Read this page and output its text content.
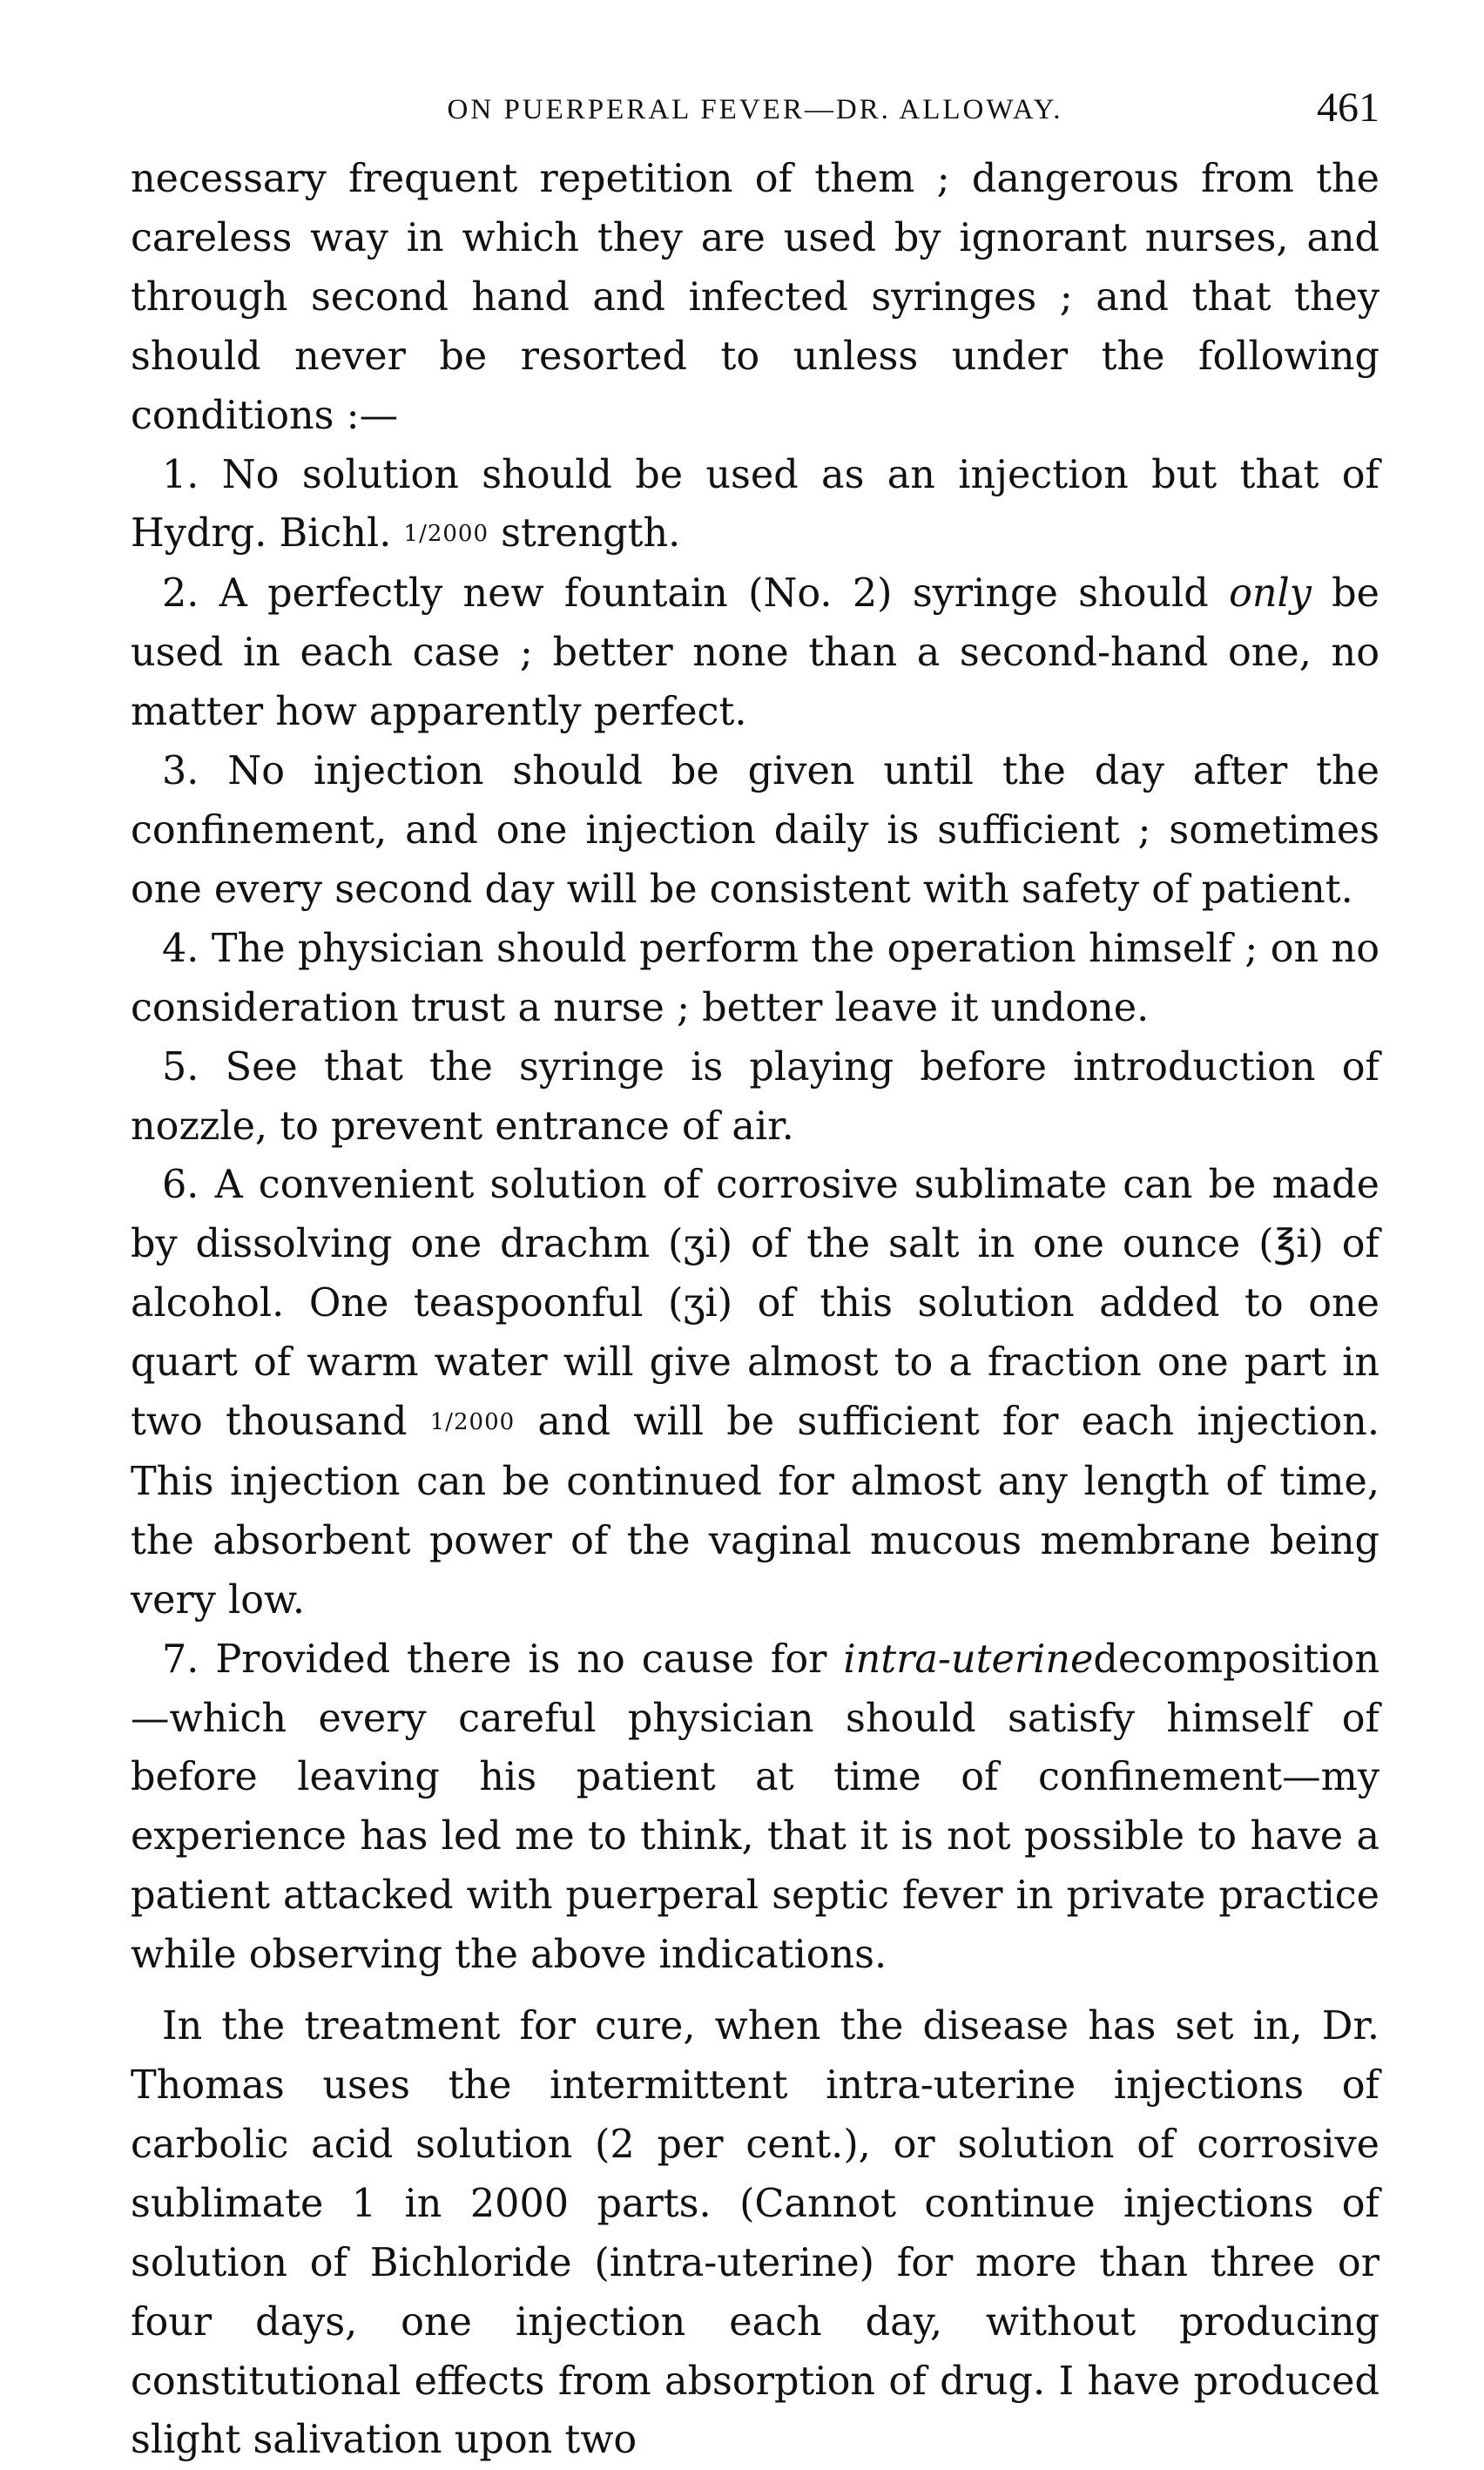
ON PUERPERAL FEVER—DR. ALLOWAY.	461

necessary frequent repetition of them ; dangerous from the careless way in which they are used by ignorant nurses, and through second hand and infected syringes ; and that they should never be resorted to unless under the following conditions :—

1. No solution should be used as an injection but that of Hydrg. Bichl. 1/2000 strength.

2. A perfectly new fountain (No. 2) syringe should only be used in each case ; better none than a second-hand one, no matter how apparently perfect.

3. No injection should be given until the day after the confinement, and one injection daily is sufficient ; sometimes one every second day will be consistent with safety of patient.

4. The physician should perform the operation himself ; on no consideration trust a nurse ; better leave it undone.

5. See that the syringe is playing before introduction of nozzle, to prevent entrance of air.

6. A convenient solution of corrosive sublimate can be made by dissolving one drachm (ʒi) of the salt in one ounce (℥i) of alcohol. One teaspoonful (ʒi) of this solution added to one quart of warm water will give almost to a fraction one part in two thousand 1/2000 and will be sufficient for each injection. This injection can be continued for almost any length of time, the absorbent power of the vaginal mucous membrane being very low.

7. Provided there is no cause for intra-uterinedecomposition—which every careful physician should satisfy himself of before leaving his patient at time of confinement—my experience has led me to think, that it is not possible to have a patient attacked with puerperal septic fever in private practice while observing the above indications.

In the treatment for cure, when the disease has set in, Dr. Thomas uses the intermittent intra-uterine injections of carbolic acid solution (2 per cent.), or solution of corrosive sublimate 1 in 2000 parts. (Cannot continue injections of solution of Bichloride (intra-uterine) for more than three or four days, one injection each day, without producing constitutional effects from absorption of drug. I have produced slight salivation upon two
